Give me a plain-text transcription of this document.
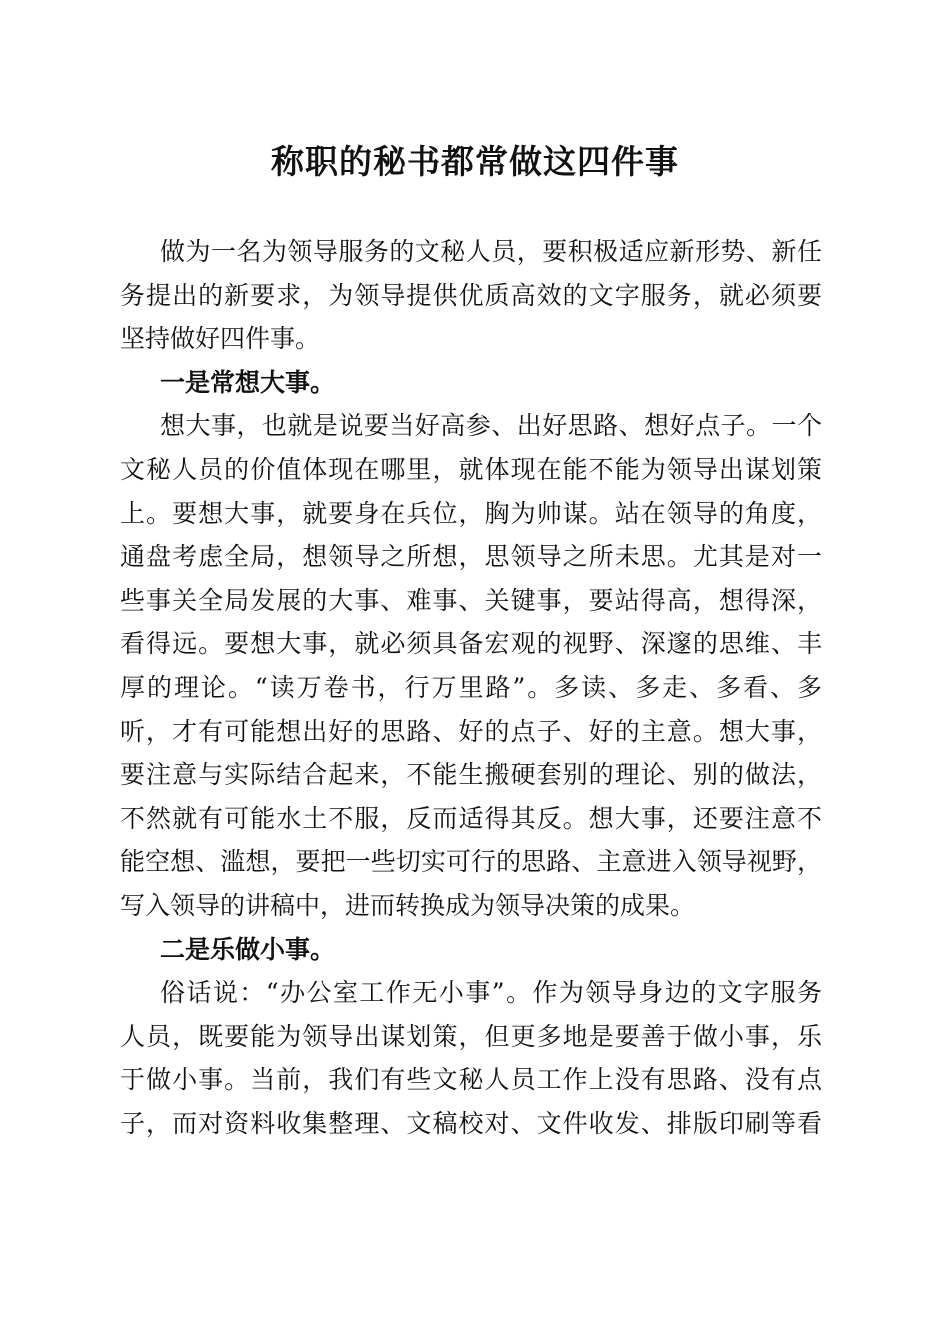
称职的秘书都常做这四件事
做为一名为领导服务的文秘人员，要积极适应新形势、新任
务提出的新要求，为领导提供优质高效的文字服务，就必须要
坚持做好四件事。
一是常想大事。
想大事，也就是说要当好高参、出好思路、想好点子。一个
文秘人员的价值体现在哪里，就体现在能不能为领导出谋划策
上。要想大事，就要身在兵位，胸为帅谋。站在领导的角度，
通盘考虑全局，想领导之所想，思领导之所未思。尤其是对一
些事关全局发展的大事、难事、关键事，要站得高，想得深，
看得远。要想大事，就必须具备宏观的视野、深邃的思维、丰
厚的理论。“读万卷书，行万里路”。多读、多走、多看、多
听，才有可能想出好的思路、好的点子、好的主意。想大事，
要注意与实际结合起来，不能生搬硬套别的理论、别的做法，
不然就有可能水土不服，反而适得其反。想大事，还要注意不
能空想、滥想，要把一些切实可行的思路、主意进入领导视野，
写入领导的讲稿中，进而转换成为领导决策的成果。
二是乐做小事。
俗话说：“办公室工作无小事”。作为领导身边的文字服务
人员，既要能为领导出谋划策，但更多地是要善于做小事，乐
于做小事。当前，我们有些文秘人员工作上没有思路、没有点
子，而对资料收集整理、文稿校对、文件收发、排版印刷等看
